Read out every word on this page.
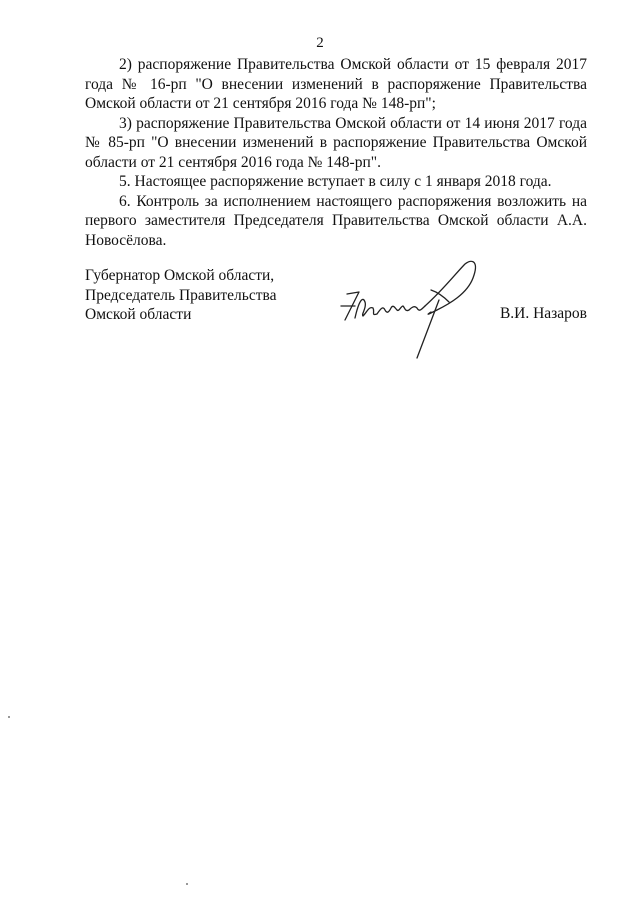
2

2) распоряжение Правительства Омской области от 15 февраля 2017 года № 16-рп "О внесении изменений в распоряжение Правительства Омской области от 21 сентября 2016 года № 148-рп";

3) распоряжение Правительства Омской области от 14 июня 2017 года № 85-рп "О внесении изменений в распоряжение Правительства Омской области от 21 сентября 2016 года № 148-рп".

5. Настоящее распоряжение вступает в силу с 1 января 2018 года.

6. Контроль за исполнением настоящего распоряжения возложить на первого заместителя Председателя Правительства Омской области А.А. Новосёлова.

Губернатор Омской области,
Председатель Правительства
Омской области	В.И. Назаров
